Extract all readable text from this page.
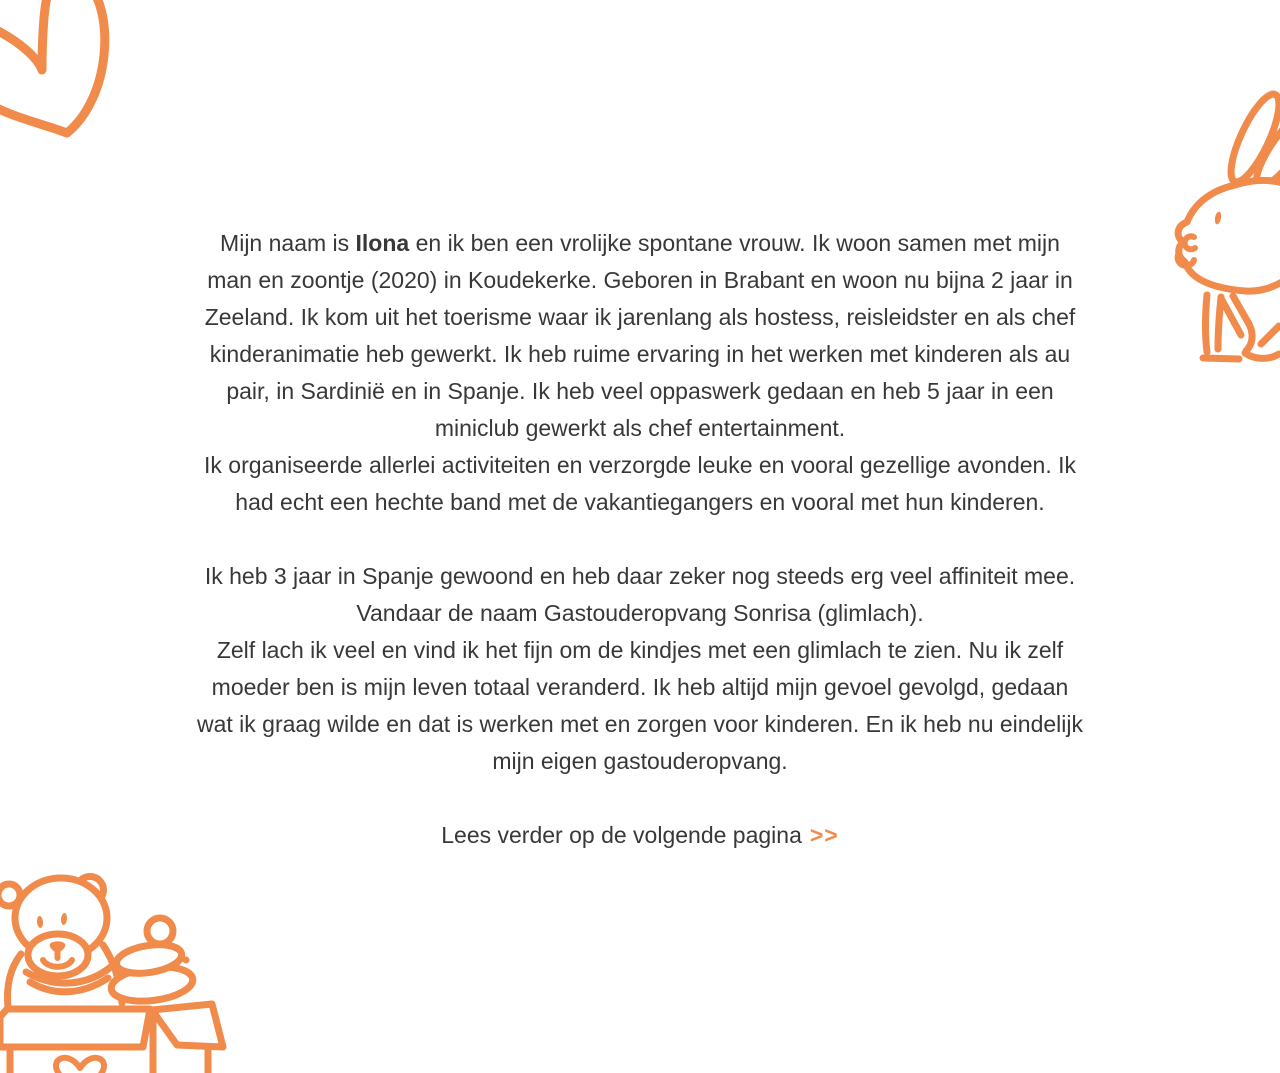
Mijn naam is Ilona en ik ben een vrolijke spontane vrouw. Ik woon samen met mijn

man en zoontje (2020) in Koudekerke. Geboren in Brabant en woon nu bijna 2 jaar in
Zeeland. Ik kom uit het toerisme waar ik jarenlang als hostess, reisleidster en als chef
kinderanimatie heb gewerkt. Ik heb ruime ervaring in het werken met kinderen als au
pair, in Sardinië en in Spanje. Ik heb veel oppaswerk gedaan en heb 5 jaar in een
miniclub gewerkt als chef entertainment.
Ik organiseerde allerlei activiteiten en verzorgde leuke en vooral gezellige avonden. Ik
had echt een hechte band met de vakantiegangers en vooral met hun kinderen.
Ik heb 3 jaar in Spanje gewoond en heb daar zeker nog steeds erg veel affiniteit mee.
Vandaar de naam Gastouderopvang Sonrisa (glimlach).
Zelf lach ik veel en vind ik het fijn om de kindjes met een glimlach te zien. Nu ik zelf
moeder ben is mijn leven totaal veranderd. Ik heb altijd mijn gevoel gevolgd, gedaan
wat ik graag wilde en dat is werken met en zorgen voor kinderen. En ik heb nu eindelijk
mijn eigen gastouderopvang.

Lees verder op de volgende pagina >>
